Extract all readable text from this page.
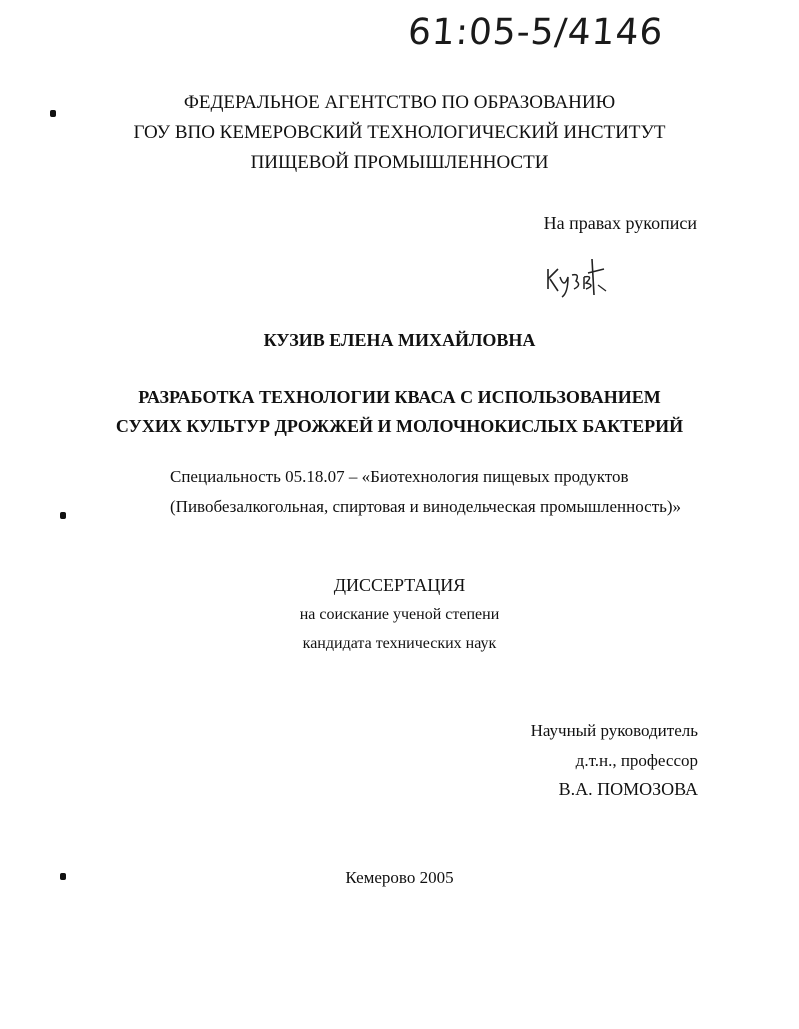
61:05-5/4146
ФЕДЕРАЛЬНОЕ АГЕНТСТВО ПО ОБРАЗОВАНИЮ
ГОУ ВПО КЕМЕРОВСКИЙ ТЕХНОЛОГИЧЕСКИЙ ИНСТИТУТ
ПИЩЕВОЙ ПРОМЫШЛЕННОСТИ
На правах рукописи
КУЗИВ ЕЛЕНА МИХАЙЛОВНА
РАЗРАБОТКА ТЕХНОЛОГИИ КВАСА С ИСПОЛЬЗОВАНИЕМ
СУХИХ КУЛЬТУР ДРОЖЖЕЙ И МОЛОЧНОКИСЛЫХ БАКТЕРИЙ
Специальность 05.18.07 – «Биотехнология пищевых продуктов
(Пивобезалкогольная, спиртовая и винодельческая промышленность)»
ДИССЕРТАЦИЯ
на соискание ученой степени
кандидата технических наук
Научный руководитель
д.т.н., профессор
В.А. ПОМОЗОВА
Кемерово 2005
